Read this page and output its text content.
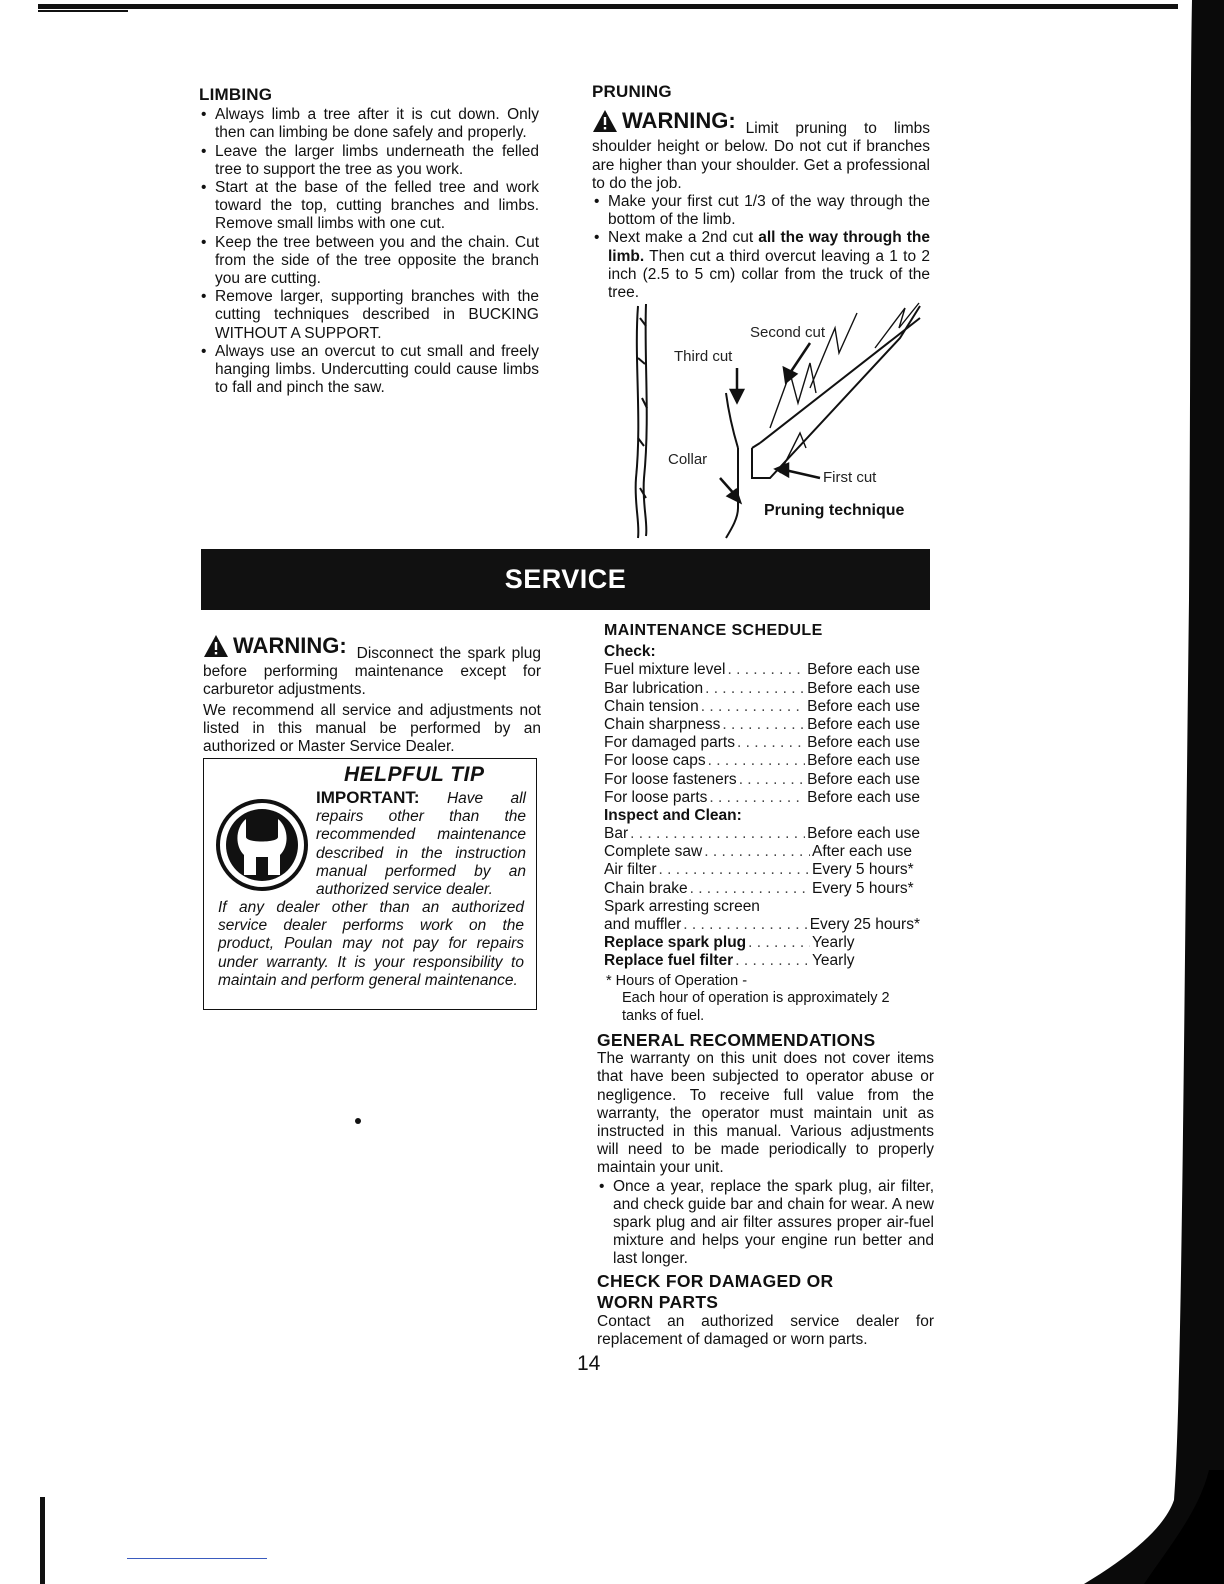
LIMBING
• Always limb a tree after it is cut down. Only then can limbing be done safely and properly.
• Leave the larger limbs underneath the felled tree to support the tree as you work.
• Start at the base of the felled tree and work toward the top, cutting branches and limbs. Remove small limbs with one cut.
• Keep the tree between you and the chain. Cut from the side of the tree opposite the branch you are cutting.
• Remove larger, supporting branches with the cutting techniques described in BUCKING WITHOUT A SUPPORT.
• Always use an overcut to cut small and freely hanging limbs. Undercutting could cause limbs to fall and pinch the saw.
PRUNING

WARNING: Limit pruning to limbs shoulder height or below. Do not cut if branches are higher than your shoulder. Get a professional to do the job.

• Make your first cut 1/3 of the way through the bottom of the limb.
• Next make a 2nd cut all the way through the limb. Then cut a third overcut leaving a 1 to 2 inch (2.5 to 5 cm) collar from the truck of the tree.
Second cut
Third cut
Collar
First cut
Pruning technique
SERVICE

WARNING: Disconnect the spark plug before performing maintenance except for carburetor adjustments.

We recommend all service and adjustments not listed in this manual be performed by an authorized or Master Service Dealer.

HELPFUL TIP
IMPORTANT: Have all repairs other than the recommended maintenance described in the instruction manual performed by an authorized service dealer.
If any dealer other than an authorized service dealer performs work on the product, Poulan may not pay for repairs under warranty. It is your responsibility to maintain and perform general maintenance.
MAINTENANCE SCHEDULE
Check:
Fuel mixture level . . .	Before each use
Bar lubrication . . .	Before each use
Chain tension . . .	Before each use
Chain sharpness . . .	Before each use
For damaged parts . . .	Before each use
For loose caps . . .	Before each use
For loose fasteners . . .	Before each use
For loose parts . . .	Before each use
Inspect and Clean:
Bar . . .	Before each use
Complete saw . . .	After each use
Air filter . . .	Every 5 hours*
Chain brake . . .	Every 5 hours*
Spark arresting screen
and muffler . . .	Every 25 hours*
Replace spark plug . . .	Yearly
Replace fuel filter . . .	Yearly
* Hours of Operation -
Each hour of operation is approximately 2 tanks of fuel.
GENERAL RECOMMENDATIONS

The warranty on this unit does not cover items that have been subjected to operator abuse or negligence. To receive full value from the warranty, the operator must maintain unit as instructed in this manual. Various adjustments will need to be made periodically to properly maintain your unit.

• Once a year, replace the spark plug, air filter, and check guide bar and chain for wear. A new spark plug and air filter assures proper air-fuel mixture and helps your engine run better and last longer.
CHECK FOR DAMAGED OR
WORN PARTS

Contact an authorized service dealer for replacement of damaged or worn parts.

14
